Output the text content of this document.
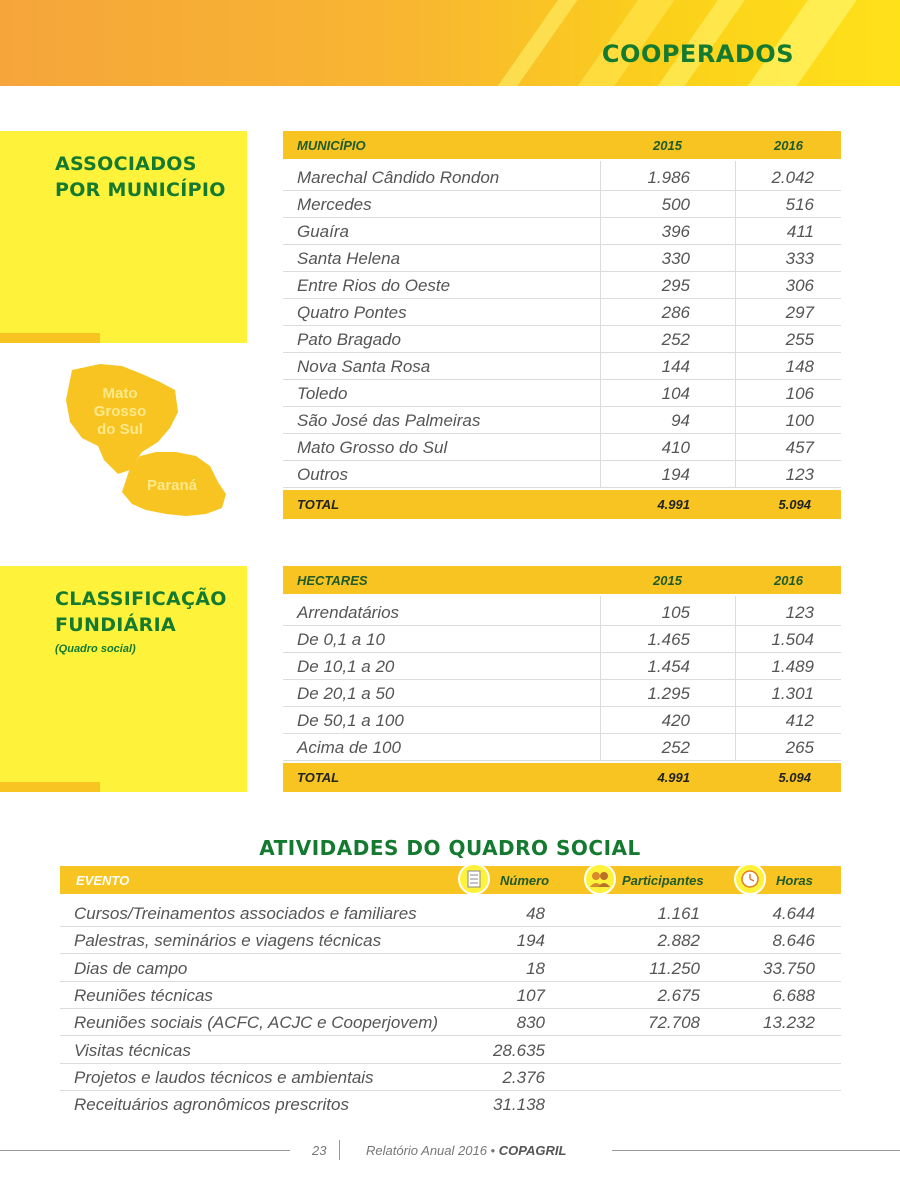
COOPERADOS
ASSOCIADOS
POR MUNICÍPIO
Mato
Grosso
do Sul
Paraná
MUNICÍPIO	2015	2016
Marechal Cândido Rondon	1.986	2.042
Mercedes	500	516
Guaíra	396	411
Santa Helena	330	333
Entre Rios do Oeste	295	306
Quatro Pontes	286	297
Pato Bragado	252	255
Nova Santa Rosa	144	148
Toledo	104	106
São José das Palmeiras	94	100
Mato Grosso do Sul	410	457
Outros	194	123
TOTAL	4.991	5.094
CLASSIFICAÇÃO
FUNDIÁRIA
(Quadro social)
HECTARES	2015	2016
Arrendatários	105	123
De 0,1 a 10	1.465	1.504
De 10,1 a 20	1.454	1.489
De 20,1 a 50	1.295	1.301
De 50,1 a 100	420	412
Acima de 100	252	265
TOTAL	4.991	5.094
ATIVIDADES DO QUADRO SOCIAL
EVENTO	Número	Participantes	Horas
Cursos/Treinamentos associados e familiares	48	1.161	4.644
Palestras, seminários e viagens técnicas	194	2.882	8.646
Dias de campo	18	11.250	33.750
Reuniões técnicas	107	2.675	6.688
Reuniões sociais (ACFC, ACJC e Cooperjovem)	830	72.708	13.232
Visitas técnicas	28.635
Projetos e laudos técnicos e ambientais	2.376
Receituários agronômicos prescritos	31.138
23	Relatório Anual 2016 • COPAGRIL
